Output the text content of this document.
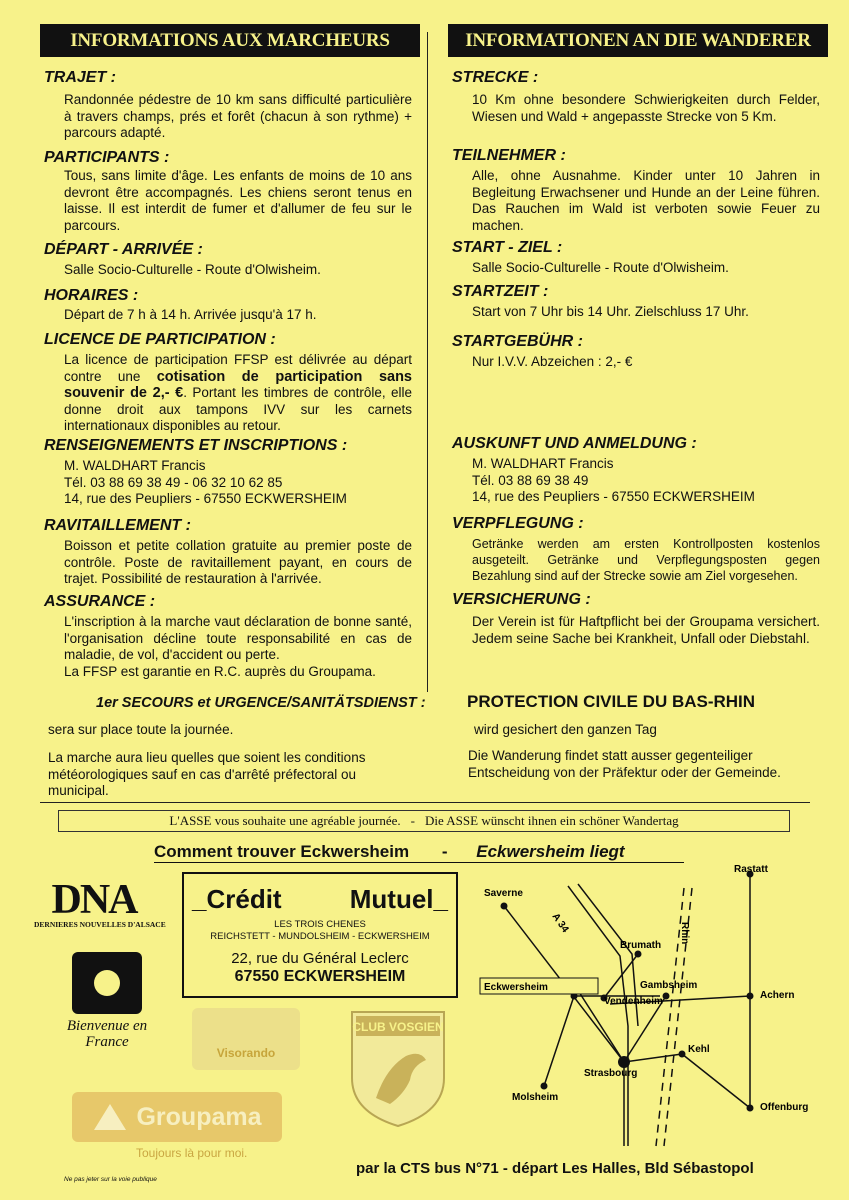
INFORMATIONS AUX MARCHEURS
TRAJET :
Randonnée pédestre de 10 km sans difficulté particulière à travers champs, prés et forêt (chacun à son rythme) + parcours adapté.
PARTICIPANTS :
Tous, sans limite d'âge. Les enfants de moins de 10 ans devront être accompagnés. Les chiens seront tenus en laisse. Il est interdit de fumer et d'allumer de feu sur le parcours.
DÉPART - ARRIVÉE :
Salle Socio-Culturelle - Route d'Olwisheim.
HORAIRES :
Départ de 7 h à 14 h. Arrivée jusqu'à 17 h.
LICENCE DE PARTICIPATION :
La licence de participation FFSP est délivrée au départ contre une cotisation de participation sans souvenir de 2,- €. Portant les timbres de contrôle, elle donne droit aux tampons IVV sur les carnets internationaux disponibles au retour.
RENSEIGNEMENTS ET INSCRIPTIONS :
M. WALDHART Francis
Tél. 03 88 69 38 49 - 06 32 10 62 85
14, rue des Peupliers - 67550 ECKWERSHEIM
RAVITAILLEMENT :
Boisson et petite collation gratuite au premier poste de contrôle. Poste de ravitaillement payant, en cours de trajet. Possibilité de restauration à l'arrivée.
ASSURANCE :
L'inscription à la marche vaut déclaration de bonne santé, l'organisation décline toute responsabilité en cas de maladie, de vol, d'accident ou perte.
La FFSP est garantie en R.C. auprès du Groupama.
INFORMATIONEN AN DIE WANDERER
STRECKE :
10 Km ohne besondere Schwierigkeiten durch Felder, Wiesen und Wald + angepasste Strecke von 5 Km.
TEILNEHMER :
Alle, ohne Ausnahme. Kinder unter 10 Jahren in Begleitung Erwachsener und Hunde an der Leine führen. Das Rauchen im Wald ist verboten sowie Feuer zu machen.
START - ZIEL :
Salle Socio-Culturelle - Route d'Olwisheim.
STARTZEIT :
Start von 7 Uhr bis 14 Uhr. Zielschluss 17 Uhr.
STARTGEBÜHR :
Nur I.V.V. Abzeichen : 2,- €
AUSKUNFT UND ANMELDUNG :
M. WALDHART Francis
Tél. 03 88 69 38 49
14, rue des Peupliers - 67550 ECKWERSHEIM
VERPFLEGUNG :
Getränke werden am ersten Kontrollposten kostenlos ausgeteilt. Getränke und Verpflegungsposten gegen Bezahlung sind auf der Strecke sowie am Ziel vorgesehen.
VERSICHERUNG :
Der Verein ist für Haftpflicht bei der Groupama versichert. Jedem seine Sache bei Krankheit, Unfall oder Diebstahl.
1er SECOURS et URGENCE/SANITÄTSDIENST : PROTECTION CIVILE DU BAS-RHIN
sera sur place toute la journée.	wird gesichert den ganzen Tag
La marche aura lieu quelles que soient les conditions météorologiques sauf en cas d'arrêté préfectoral ou municipal.
Die Wanderung findet statt ausser gegenteiliger Entscheidung von der Präfektur oder der Gemeinde.
L'ASSE vous souhaite une agréable journée. - Die ASSE wünscht ihnen ein schöner Wandertag
Comment trouver Eckwersheim - Eckwersheim liegt
DNA
DERNIERES NOUVELLES D'ALSACE
Bienvenue en France
_Crédit	Mutuel_
LES TROIS CHENES
REICHSTETT - MUNDOLSHEIM - ECKWERSHEIM
22, rue du Général Leclerc
67550 ECKWERSHEIM
Visorando
CLUB VOSGIEN
Groupama
Toujours là pour moi.
Rastatt
Saverne
A 34
Brumath
Eckwersheim	Gambsheim
Vendenheim
Achern
Kehl
Strasbourg
Molsheim
Offenburg
Rhin
Ne pas jeter sur la voie publique
par la CTS bus N°71 - départ Les Halles, Bld Sébastopol
